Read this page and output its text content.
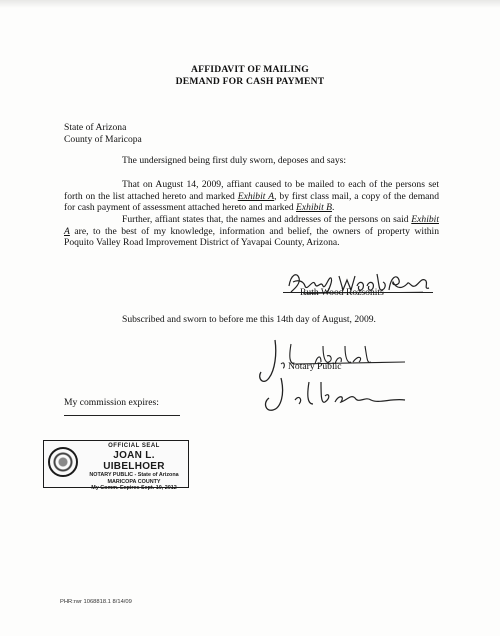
AFFIDAVIT OF MAILING
DEMAND FOR CASH PAYMENT
State of Arizona
County of Maricopa
The undersigned being first duly sworn, deposes and says:
That on August 14, 2009, affiant caused to be mailed to each of the persons set forth on the list attached hereto and marked Exhibit A, by first class mail, a copy of the demand for cash payment of assessment attached hereto and marked Exhibit B.
Further, affiant states that, the names and addresses of the persons on said Exhibit A are, to the best of my knowledge, information and belief, the owners of property within Poquito Valley Road Improvement District of Yavapai County, Arizona.
Ruth Wood Rozsonits
Subscribed and sworn to before me this 14th day of August, 2009.
Notary Public
My commission expires:
OFFICIAL SEAL
JOAN L. UIBELHOER
NOTARY PUBLIC - State of Arizona
MARICOPA COUNTY
My Comm. Expires Sept. 10, 2012
PHR:rwr 1068818.1 8/14/09
